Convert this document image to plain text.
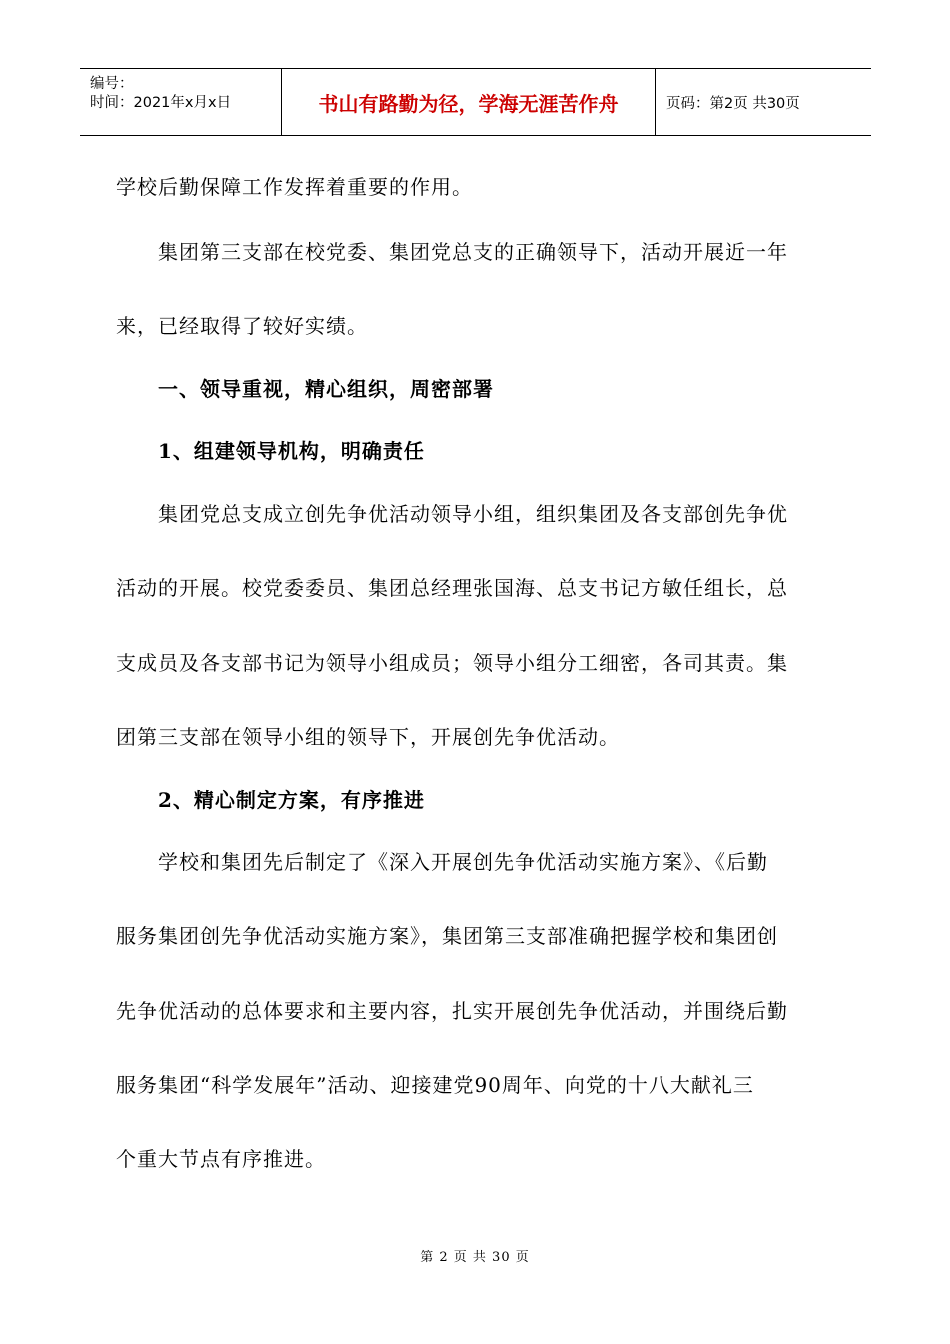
编号：
时间：2021年x月x日	书山有路勤为径，学海无涯苦作舟	页码：第2页 共30页

学校后勤保障工作发挥着重要的作用。

　　集团第三支部在校党委、集团党总支的正确领导下，活动开展近一年

来，已经取得了较好实绩。

　　一、领导重视，精心组织，周密部署

　　1、组建领导机构，明确责任

　　集团党总支成立创先争优活动领导小组，组织集团及各支部创先争优

活动的开展。校党委委员、集团总经理张国海、总支书记方敏任组长，总

支成员及各支部书记为领导小组成员；领导小组分工细密，各司其责。集

团第三支部在领导小组的领导下，开展创先争优活动。

　　2、精心制定方案，有序推进

　　学校和集团先后制定了《深入开展创先争优活动实施方案》、《后勤

服务集团创先争优活动实施方案》，集团第三支部准确把握学校和集团创

先争优活动的总体要求和主要内容，扎实开展创先争优活动，并围绕后勤

服务集团“科学发展年”活动、迎接建党90周年、向党的十八大献礼三

个重大节点有序推进。

第 2 页 共 30 页
